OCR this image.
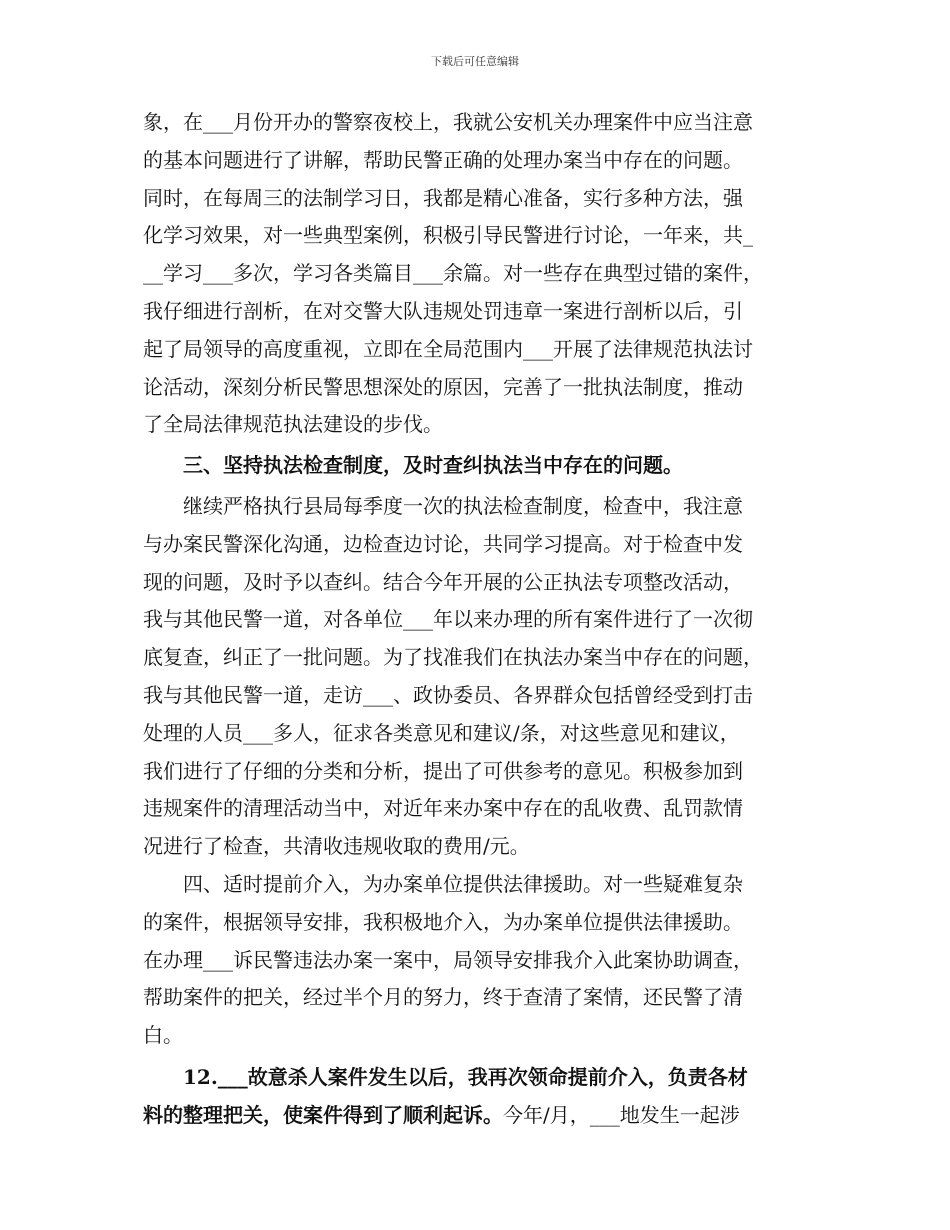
下载后可任意编辑
象，在___月份开办的警察夜校上，我就公安机关办理案件中应当注意
的基本问题进行了讲解，帮助民警正确的处理办案当中存在的问题。
同时，在每周三的法制学习日，我都是精心准备，实行多种方法，强
化学习效果，对一些典型案例，积极引导民警进行讨论，一年来，共_
__学习___多次，学习各类篇目___余篇。对一些存在典型过错的案件，
我仔细进行剖析，在对交警大队违规处罚违章一案进行剖析以后，引
起了局领导的高度重视，立即在全局范围内___开展了法律规范执法讨
论活动，深刻分析民警思想深处的原因，完善了一批执法制度，推动
了全局法律规范执法建设的步伐。
三、坚持执法检查制度，及时查纠执法当中存在的问题。
继续严格执行县局每季度一次的执法检查制度，检查中，我注意
与办案民警深化沟通，边检查边讨论，共同学习提高。对于检查中发
现的问题，及时予以查纠。结合今年开展的公正执法专项整改活动，
我与其他民警一道，对各单位___年以来办理的所有案件进行了一次彻
底复查，纠正了一批问题。为了找准我们在执法办案当中存在的问题，
我与其他民警一道，走访___、政协委员、各界群众包括曾经受到打击
处理的人员___多人，征求各类意见和建议/条，对这些意见和建议，
我们进行了仔细的分类和分析，提出了可供参考的意见。积极参加到
违规案件的清理活动当中，对近年来办案中存在的乱收费、乱罚款情
况进行了检查，共清收违规收取的费用/元。
四、适时提前介入，为办案单位提供法律援助。对一些疑难复杂
的案件，根据领导安排，我积极地介入，为办案单位提供法律援助。
在办理___诉民警违法办案一案中，局领导安排我介入此案协助调查，
帮助案件的把关，经过半个月的努力，终于查清了案情，还民警了清
白。
12.___故意杀人案件发生以后，我再次领命提前介入，负责各材
料的整理把关，使案件得到了顺利起诉。今年/月，___地发生一起涉
